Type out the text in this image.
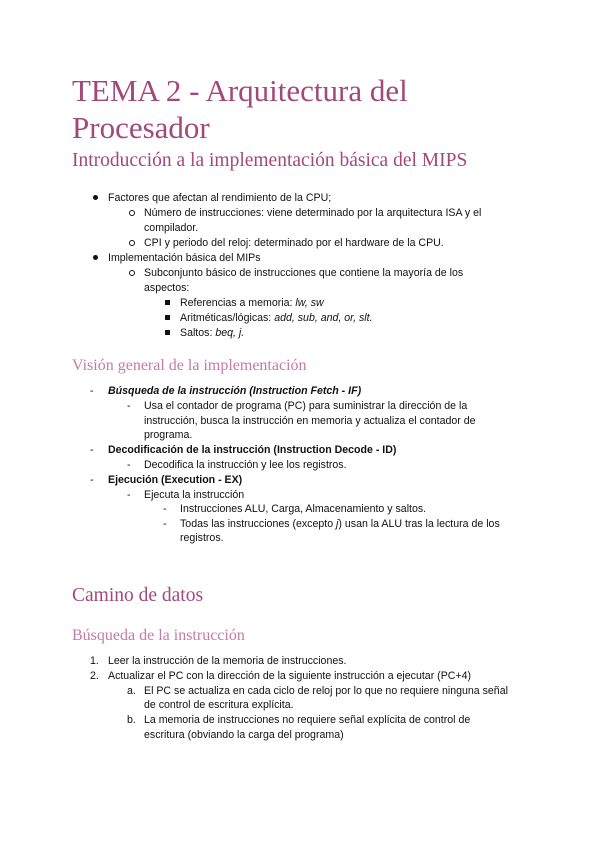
TEMA 2 - Arquitectura del Procesador
Introducción a la implementación básica del MIPS
Factores que afectan al rendimiento de la CPU;
Número de instrucciones: viene determinado por la arquitectura ISA y el
compilador.
CPI y periodo del reloj: determinado por el hardware de la CPU.
Implementación básica del MIPs
Subconjunto básico de instrucciones que contiene la mayoría de los
aspectos:
Referencias a memoria: lw, sw
Aritméticas/lógicas: add, sub, and, or, slt.
Saltos: beq, j.
Visión general de la implementación
- Búsqueda de la instrucción (Instruction Fetch - IF)
- Usa el contador de programa (PC) para suministrar la dirección de la
instrucción, busca la instrucción en memoria y actualiza el contador de
programa.
- Decodificación de la instrucción (Instruction Decode - ID)
- Decodifica la instrucción y lee los registros.
- Ejecución (Execution - EX)
- Ejecuta la instrucción
- Instrucciones ALU, Carga, Almacenamiento y saltos.
- Todas las instrucciones (excepto j) usan la ALU tras la lectura de los
registros.
Camino de datos
Búsqueda de la instrucción
1. Leer la instrucción de la memoria de instrucciones.
2. Actualizar el PC con la dirección de la siguiente instrucción a ejecutar (PC+4)
a. El PC se actualiza en cada ciclo de reloj por lo que no requiere ninguna señal
de control de escritura explícita.
b. La memoria de instrucciones no requiere señal explícita de control de
escritura (obviando la carga del programa)
